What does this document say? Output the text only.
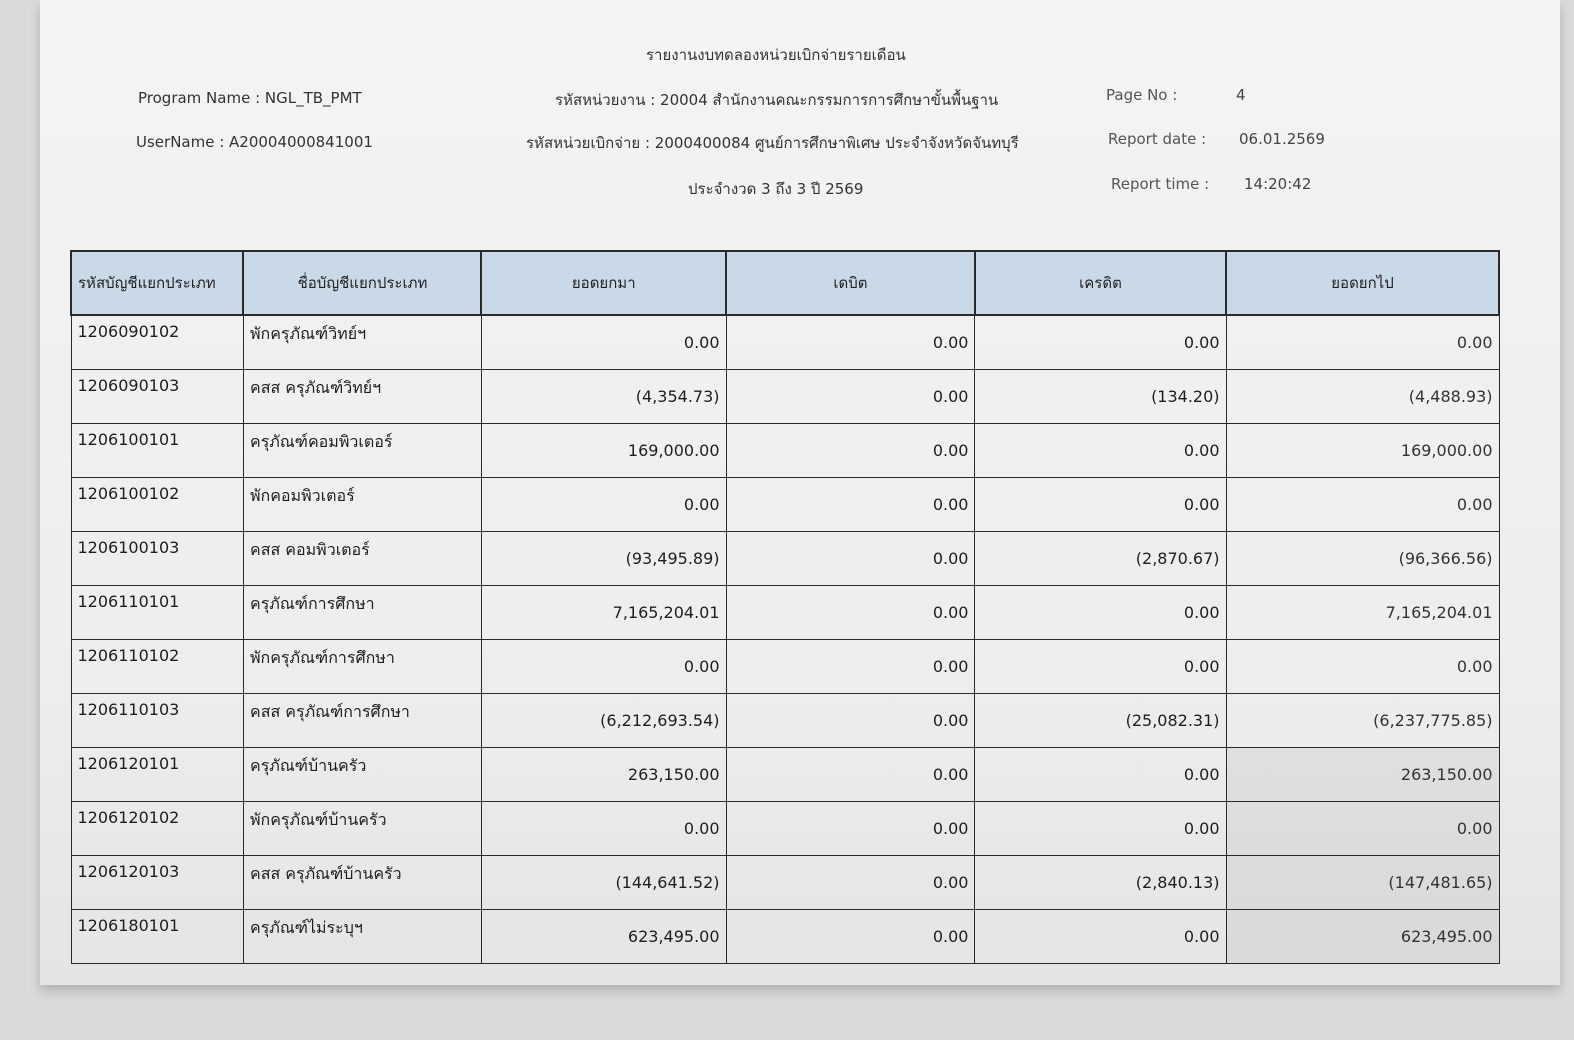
รายงานงบทดลองหน่วยเบิกจ่ายรายเดือน
Program Name : NGL_TB_PMT
UserName : A20004000841001
รหัสหน่วยงาน : 20004 สำนักงานคณะกรรมการการศึกษาขั้นพื้นฐาน
รหัสหน่วยเบิกจ่าย : 2000400084 ศูนย์การศึกษาพิเศษ ประจำจังหวัดจันทบุรี
ประจำงวด 3 ถึง 3 ปี 2569
Page No :	4
Report date : 06.01.2569
Report time : 14:20:42
รหัสบัญชีแยกประเภท	ชื่อบัญชีแยกประเภท	ยอดยกมา	เดบิต	เครดิต	ยอดยกไป
1206090102	พักครุภัณฑ์วิทย์ฯ	0.00	0.00	0.00	0.00
1206090103	คสส ครุภัณฑ์วิทย์ฯ	(4,354.73)	0.00	(134.20)	(4,488.93)
1206100101	ครุภัณฑ์คอมพิวเตอร์	169,000.00	0.00	0.00	169,000.00
1206100102	พักคอมพิวเตอร์	0.00	0.00	0.00	0.00
1206100103	คสส คอมพิวเตอร์	(93,495.89)	0.00	(2,870.67)	(96,366.56)
1206110101	ครุภัณฑ์การศึกษา	7,165,204.01	0.00	0.00	7,165,204.01
1206110102	พักครุภัณฑ์การศึกษา	0.00	0.00	0.00	0.00
1206110103	คสส ครุภัณฑ์การศึกษา	(6,212,693.54)	0.00	(25,082.31)	(6,237,775.85)
1206120101	ครุภัณฑ์บ้านครัว	263,150.00	0.00	0.00	263,150.00
1206120102	พักครุภัณฑ์บ้านครัว	0.00	0.00	0.00	0.00
1206120103	คสส ครุภัณฑ์บ้านครัว	(144,641.52)	0.00	(2,840.13)	(147,481.65)
1206180101	ครุภัณฑ์ไม่ระบุฯ	623,495.00	0.00	0.00	623,495.00
